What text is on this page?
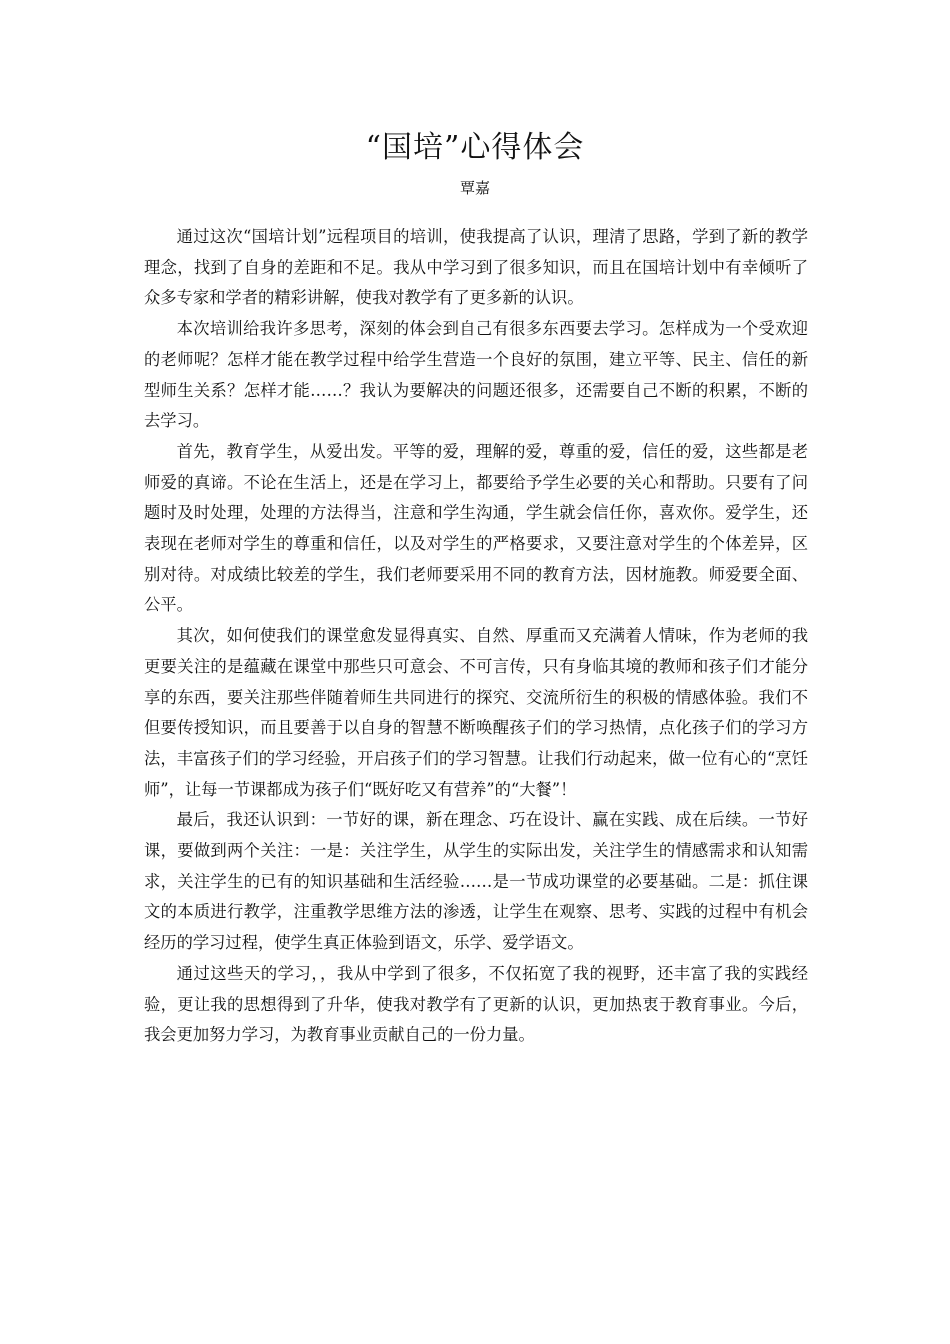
“国培”心得体会

覃嘉

通过这次“国培计划”远程项目的培训，使我提高了认识，理清了思路，学到了新的教学理念，找到了自身的差距和不足。我从中学习到了很多知识，而且在国培计划中有幸倾听了众多专家和学者的精彩讲解，使我对教学有了更多新的认识。

本次培训给我许多思考，深刻的体会到自己有很多东西要去学习。怎样成为一个受欢迎的老师呢？怎样才能在教学过程中给学生营造一个良好的氛围，建立平等、民主、信任的新型师生关系？怎样才能……？我认为要解决的问题还很多，还需要自己不断的积累，不断的去学习。

首先，教育学生，从爱出发。平等的爱，理解的爱，尊重的爱，信任的爱，这些都是老师爱的真谛。不论在生活上，还是在学习上，都要给予学生必要的关心和帮助。只要有了问题时及时处理，处理的方法得当，注意和学生沟通，学生就会信任你，喜欢你。爱学生，还表现在老师对学生的尊重和信任，以及对学生的严格要求，又要注意对学生的个体差异，区别对待。对成绩比较差的学生，我们老师要采用不同的教育方法，因材施教。师爱要全面、公平。

其次，如何使我们的课堂愈发显得真实、自然、厚重而又充满着人情味，作为老师的我更要关注的是蕴藏在课堂中那些只可意会、不可言传，只有身临其境的教师和孩子们才能分享的东西，要关注那些伴随着师生共同进行的探究、交流所衍生的积极的情感体验。我们不但要传授知识，而且要善于以自身的智慧不断唤醒孩子们的学习热情，点化孩子们的学习方法，丰富孩子们的学习经验，开启孩子们的学习智慧。让我们行动起来，做一位有心的“烹饪师”，让每一节课都成为孩子们“既好吃又有营养”的“大餐”！

最后，我还认识到：一节好的课，新在理念、巧在设计、赢在实践、成在后续。一节好课，要做到两个关注：一是：关注学生，从学生的实际出发，关注学生的情感需求和认知需求，关注学生的已有的知识基础和生活经验……是一节成功课堂的必要基础。二是：抓住课文的本质进行教学，注重教学思维方法的渗透，让学生在观察、思考、实践的过程中有机会经历的学习过程，使学生真正体验到语文，乐学、爱学语文。

通过这些天的学习，，我从中学到了很多，不仅拓宽了我的视野，还丰富了我的实践经验，更让我的思想得到了升华，使我对教学有了更新的认识，更加热衷于教育事业。今后，我会更加努力学习，为教育事业贡献自己的一份力量。
